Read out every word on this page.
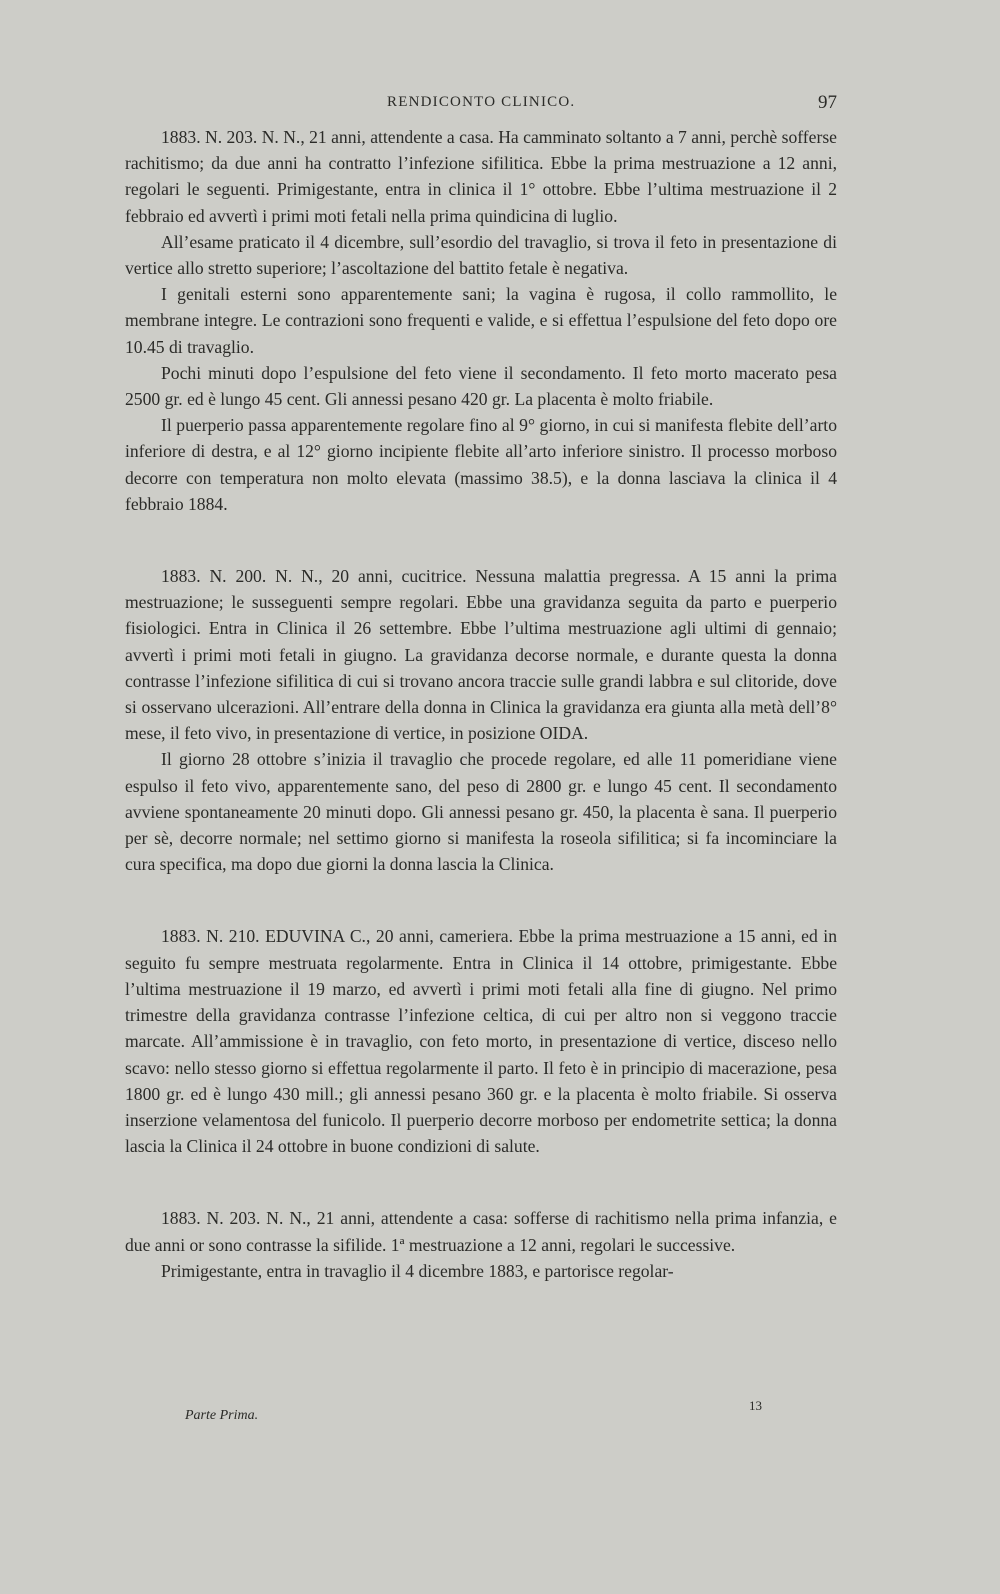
RENDICONTO CLINICO.	97

1883. N. 203. N. N., 21 anni, attendente a casa. Ha camminato soltanto a 7 anni, perchè sofferse rachitismo; da due anni ha contratto l’infezione sifilitica. Ebbe la prima mestruazione a 12 anni, regolari le seguenti. Primigestante, entra in clinica il 1° ottobre. Ebbe l’ultima mestruazione il 2 febbraio ed avvertì i primi moti fetali nella prima quindicina di luglio.

All’esame praticato il 4 dicembre, sull’esordio del travaglio, si trova il feto in presentazione di vertice allo stretto superiore; l’ascoltazione del battito fetale è negativa.

I genitali esterni sono apparentemente sani; la vagina è rugosa, il collo rammollito, le membrane integre. Le contrazioni sono frequenti e valide, e si effettua l’espulsione del feto dopo ore 10.45 di travaglio.

Pochi minuti dopo l’espulsione del feto viene il secondamento. Il feto morto macerato pesa 2500 gr. ed è lungo 45 cent. Gli annessi pesano 420 gr. La placenta è molto friabile.

Il puerperio passa apparentemente regolare fino al 9° giorno, in cui si manifesta flebite dell’arto inferiore di destra, e al 12° giorno incipiente flebite all’arto inferiore sinistro. Il processo morboso decorre con temperatura non molto elevata (massimo 38.5), e la donna lasciava la clinica il 4 febbraio 1884.

1883. N. 200. N. N., 20 anni, cucitrice. Nessuna malattia pregressa. A 15 anni la prima mestruazione; le susseguenti sempre regolari. Ebbe una gravidanza seguita da parto e puerperio fisiologici. Entra in Clinica il 26 settembre. Ebbe l’ultima mestruazione agli ultimi di gennaio; avvertì i primi moti fetali in giugno. La gravidanza decorse normale, e durante questa la donna contrasse l’infezione sifilitica di cui si trovano ancora traccie sulle grandi labbra e sul clitoride, dove si osservano ulcerazioni. All’entrare della donna in Clinica la gravidanza era giunta alla metà dell’8° mese, il feto vivo, in presentazione di vertice, in posizione OIDA.

Il giorno 28 ottobre s’inizia il travaglio che procede regolare, ed alle 11 pomeridiane viene espulso il feto vivo, apparentemente sano, del peso di 2800 gr. e lungo 45 cent. Il secondamento avviene spontaneamente 20 minuti dopo. Gli annessi pesano gr. 450, la placenta è sana. Il puerperio per sè, decorre normale; nel settimo giorno si manifesta la roseola sifilitica; si fa incominciare la cura specifica, ma dopo due giorni la donna lascia la Clinica.

1883. N. 210. EDUVINA C., 20 anni, cameriera. Ebbe la prima mestruazione a 15 anni, ed in seguito fu sempre mestruata regolarmente. Entra in Clinica il 14 ottobre, primigestante. Ebbe l’ultima mestruazione il 19 marzo, ed avvertì i primi moti fetali alla fine di giugno. Nel primo trimestre della gravidanza contrasse l’infezione celtica, di cui per altro non si veggono traccie marcate. All’ammissione è in travaglio, con feto morto, in presentazione di vertice, disceso nello scavo: nello stesso giorno si effettua regolarmente il parto. Il feto è in principio di macerazione, pesa 1800 gr. ed è lungo 430 mill.; gli annessi pesano 360 gr. e la placenta è molto friabile. Si osserva inserzione velamentosa del funicolo. Il puerperio decorre morboso per endometrite settica; la donna lascia la Clinica il 24 ottobre in buone condizioni di salute.

1883. N. 203. N. N., 21 anni, attendente a casa: sofferse di rachitismo nella prima infanzia, e due anni or sono contrasse la sifilide. 1ª mestruazione a 12 anni, regolari le successive.

Primigestante, entra in travaglio il 4 dicembre 1883, e partorisce regolar-

Parte Prima.
13
